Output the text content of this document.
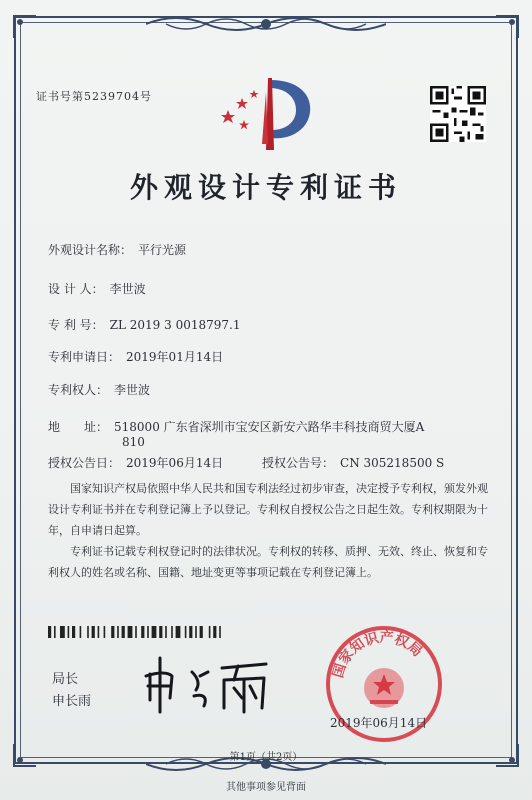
证书号第5239704号
外观设计专利证书
外观设计名称： 平行光源
设 计 人： 李世波
专 利 号： ZL 2019 3 0018797.1
专利申请日： 2019年01月14日
专利权人： 李世波
地　　址： 518000 广东省深圳市宝安区新安六路华丰科技商贸大厦A
810
授权公告日： 2019年06月14日	授权公告号： CN 305218500 S
国家知识产权局依照中华人民共和国专利法经过初步审查，决定授予专利权，颁发外观设计专利证书并在专利登记簿上予以登记。专利权自授权公告之日起生效。专利权期限为十年，自申请日起算。
专利证书记载专利权登记时的法律状况。专利权的转移、质押、无效、终止、恢复和专利权人的姓名或名称、国籍、地址变更等事项记载在专利登记簿上。
局长
申长雨
国家知识产权局
2019年06月14日
第1页（共2页）
其他事项参见背面
